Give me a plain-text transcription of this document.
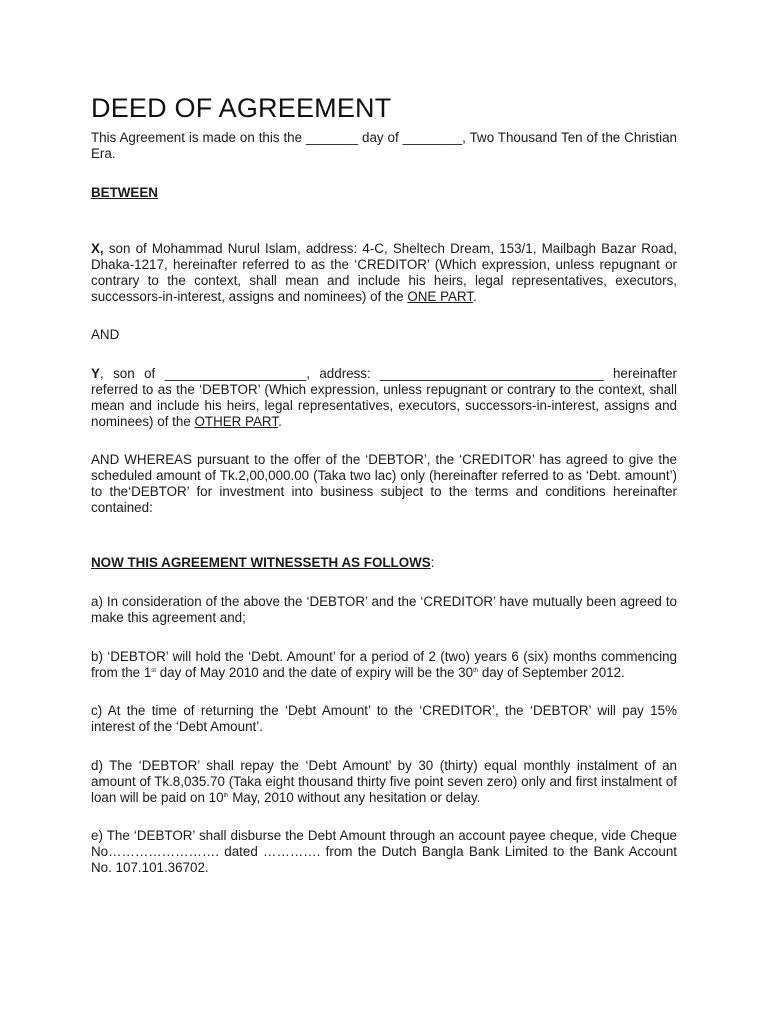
DEED OF AGREEMENT

This Agreement is made on this the _______ day of ________, Two Thousand Ten of the Christian Era.

BETWEEN

X, son of Mohammad Nurul Islam, address: 4-C, Sheltech Dream, 153/1, Mailbagh Bazar Road, Dhaka-1217, hereinafter referred to as the ‘CREDITOR’ (Which expression, unless repugnant or contrary to the context, shall mean and include his heirs, legal representatives, executors, successors-in-interest, assigns and nominees) of the ONE PART.

AND

Y, son of ___________________, address: ______________________________ hereinafter referred to as the ‘DEBTOR’ (Which expression, unless repugnant or contrary to the context, shall mean and include his heirs, legal representatives, executors, successors-in-interest, assigns and nominees) of the OTHER PART.

AND WHEREAS pursuant to the offer of the ‘DEBTOR’, the ‘CREDITOR’ has agreed to give the scheduled amount of Tk.2,00,000.00 (Taka two lac) only (hereinafter referred to as ‘Debt. amount’) to the‘DEBTOR’ for investment into business subject to the terms and conditions hereinafter contained:

NOW THIS AGREEMENT WITNESSETH AS FOLLOWS:

a) In consideration of the above the ‘DEBTOR’ and the ‘CREDITOR’ have mutually been agreed to make this agreement and;

b) ‘DEBTOR’ will hold the ‘Debt. Amount’ for a period of 2 (two) years 6 (six) months commencing from the 1st day of May 2010 and the date of expiry will be the 30th day of September 2012.

c) At the time of returning the ‘Debt Amount’ to the ‘CREDITOR’, the ‘DEBTOR’ will pay 15% interest of the ‘Debt Amount’.

d) The ‘DEBTOR’ shall repay the ‘Debt Amount’ by 30 (thirty) equal monthly instalment of an amount of Tk.8,035.70 (Taka eight thousand thirty five point seven zero) only and first instalment of loan will be paid on 10th May, 2010 without any hesitation or delay.

e) The ‘DEBTOR’ shall disburse the Debt Amount through an account payee cheque, vide Cheque No……………………. dated …………. from the Dutch Bangla Bank Limited to the Bank Account No. 107.101.36702.
